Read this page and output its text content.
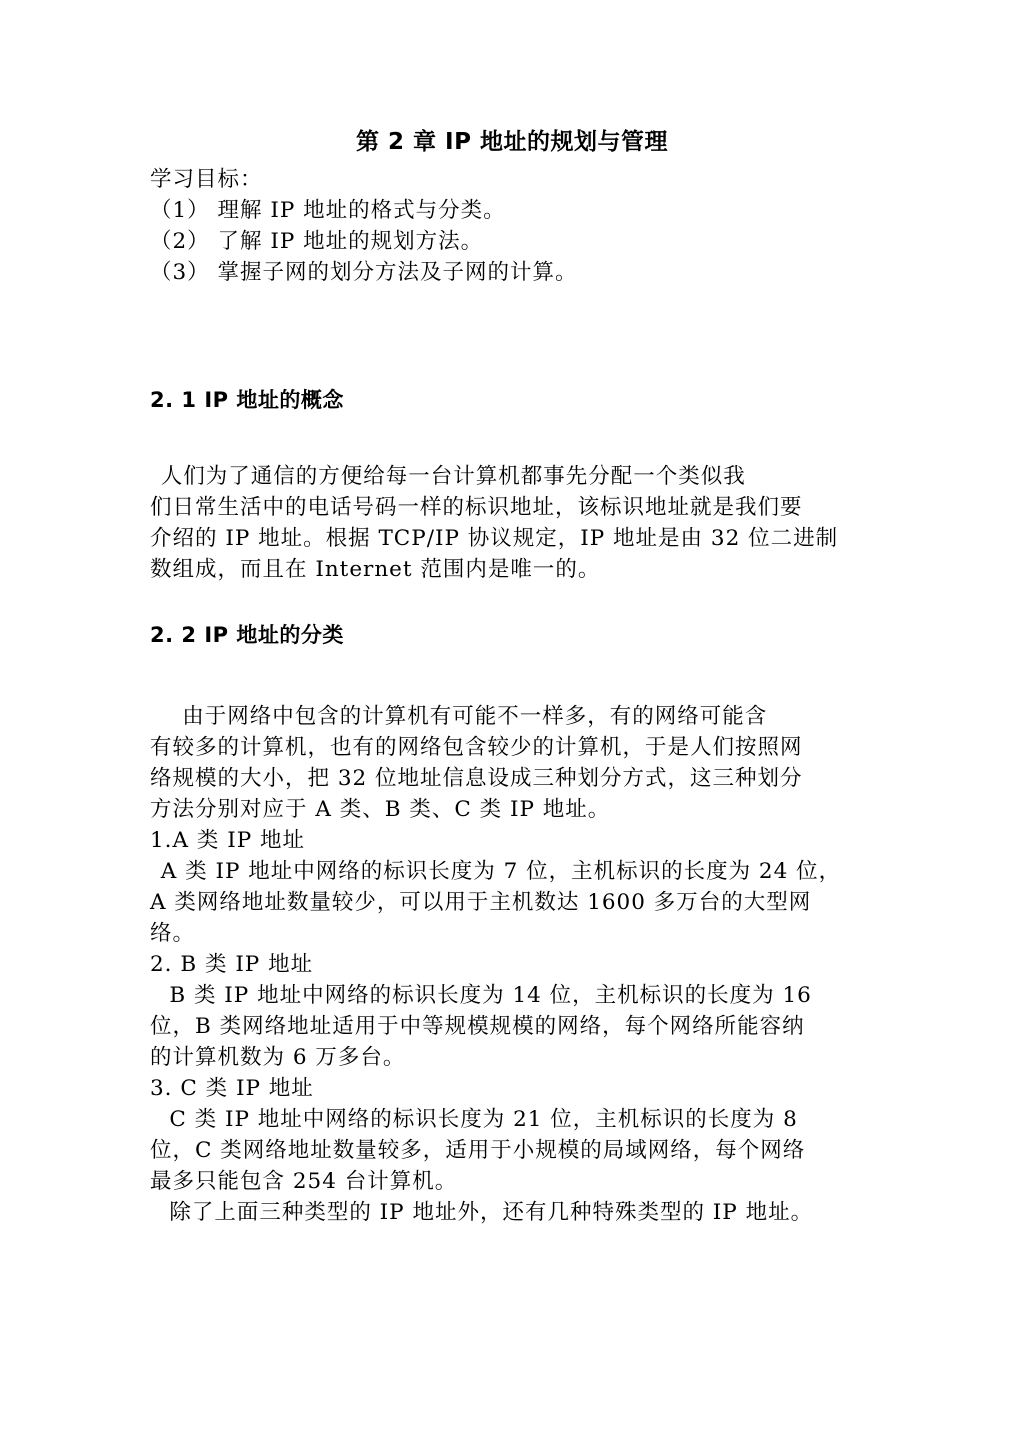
第 2 章 IP 地址的规划与管理
学习目标：
（1） 理解 IP 地址的格式与分类。
（2） 了解 IP 地址的规划方法。
（3） 掌握子网的划分方法及子网的计算。
2. 1 IP 地址的概念
人们为了通信的方便给每一台计算机都事先分配一个类似我
们日常生活中的电话号码一样的标识地址，该标识地址就是我们要
介绍的 IP 地址。根据 TCP/IP 协议规定，IP 地址是由 32 位二进制
数组成，而且在 Internet 范围内是唯一的。
2. 2 IP 地址的分类
由于网络中包含的计算机有可能不一样多，有的网络可能含
有较多的计算机，也有的网络包含较少的计算机，于是人们按照网
络规模的大小，把 32 位地址信息设成三种划分方式，这三种划分
方法分别对应于 A 类、B 类、C 类 IP 地址。
1.A 类 IP 地址
A 类 IP 地址中网络的标识长度为 7 位，主机标识的长度为 24 位，
A 类网络地址数量较少，可以用于主机数达 1600 多万台的大型网
络。
2. B 类 IP 地址
B 类 IP 地址中网络的标识长度为 14 位，主机标识的长度为 16
位，B 类网络地址适用于中等规模规模的网络，每个网络所能容纳
的计算机数为 6 万多台。
3. C 类 IP 地址
C 类 IP 地址中网络的标识长度为 21 位，主机标识的长度为 8
位，C 类网络地址数量较多，适用于小规模的局域网络，每个网络
最多只能包含 254 台计算机。
除了上面三种类型的 IP 地址外，还有几种特殊类型的 IP 地址。
